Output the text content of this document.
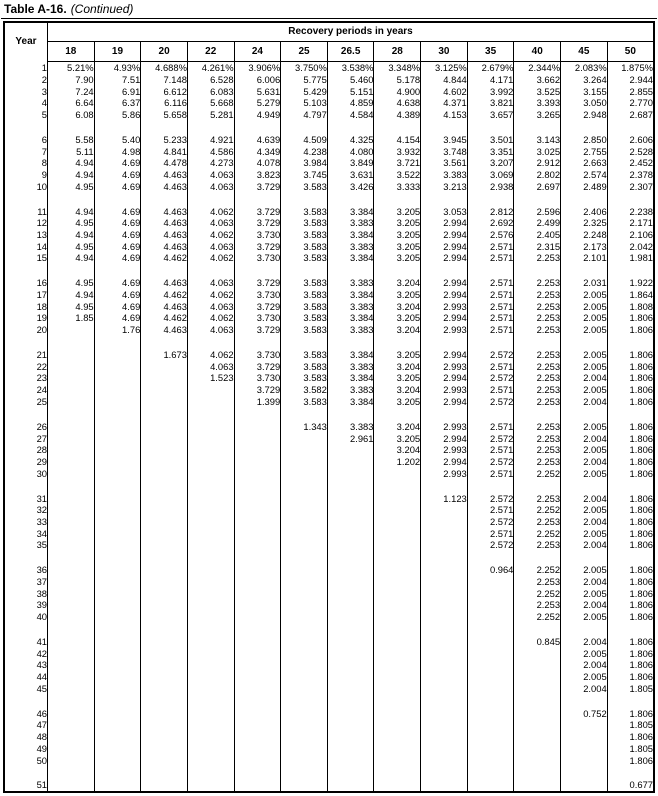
Table A-16. (Continued)
Year	Recovery periods in years												
	18	19	20	22	24	25	26.5	28	30	35	40	45	50
1	5.21%	4.93%	4.688%	4.261%	3.906%	3.750%	3.538%	3.348%	3.125%	2.679%	2.344%	2.083%	1.875%
2	7.90	7.51	7.148	6.528	6.006	5.775	5.460	5.178	4.844	4.171	3.662	3.264	2.944
3	7.24	6.91	6.612	6.083	5.631	5.429	5.151	4.900	4.602	3.992	3.525	3.155	2.855
4	6.64	6.37	6.116	5.668	5.279	5.103	4.859	4.638	4.371	3.821	3.393	3.050	2.770
5	6.08	5.86	5.658	5.281	4.949	4.797	4.584	4.389	4.153	3.657	3.265	2.948	2.687

6	5.58	5.40	5.233	4.921	4.639	4.509	4.325	4.154	3.945	3.501	3.143	2.850	2.606
7	5.11	4.98	4.841	4.586	4.349	4.238	4.080	3.932	3.748	3.351	3.025	2.755	2.528
8	4.94	4.69	4.478	4.273	4.078	3.984	3.849	3.721	3.561	3.207	2.912	2.663	2.452
9	4.94	4.69	4.463	4.063	3.823	3.745	3.631	3.522	3.383	3.069	2.802	2.574	2.378
10	4.95	4.69	4.463	4.063	3.729	3.583	3.426	3.333	3.213	2.938	2.697	2.489	2.307

11	4.94	4.69	4.463	4.062	3.729	3.583	3.384	3.205	3.053	2.812	2.596	2.406	2.238
12	4.95	4.69	4.463	4.063	3.729	3.583	3.383	3.205	2.994	2.692	2.499	2.325	2.171
13	4.94	4.69	4.463	4.062	3.730	3.583	3.384	3.205	2.994	2.576	2.405	2.248	2.106
14	4.95	4.69	4.463	4.063	3.729	3.583	3.383	3.205	2.994	2.571	2.315	2.173	2.042
15	4.94	4.69	4.462	4.062	3.730	3.583	3.384	3.205	2.994	2.571	2.253	2.101	1.981

16	4.95	4.69	4.463	4.063	3.729	3.583	3.383	3.204	2.994	2.571	2.253	2.031	1.922
17	4.94	4.69	4.462	4.062	3.730	3.583	3.384	3.205	2.994	2.571	2.253	2.005	1.864
18	4.95	4.69	4.463	4.063	3.729	3.583	3.383	3.204	2.993	2.571	2.253	2.005	1.808
19	1.85	4.69	4.462	4.062	3.730	3.583	3.384	3.205	2.994	2.571	2.253	2.005	1.806
20		1.76	4.463	4.063	3.729	3.583	3.383	3.204	2.993	2.571	2.253	2.005	1.806

21			1.673	4.062	3.730	3.583	3.384	3.205	2.994	2.572	2.253	2.005	1.806
22				4.063	3.729	3.583	3.383	3.204	2.993	2.571	2.253	2.005	1.806
23				1.523	3.730	3.583	3.384	3.205	2.994	2.572	2.253	2.004	1.806
24					3.729	3.582	3.383	3.204	2.993	2.571	2.253	2.005	1.806
25					1.399	3.583	3.384	3.205	2.994	2.572	2.253	2.004	1.806

26						1.343	3.383	3.204	2.993	2.571	2.253	2.005	1.806
27							2.961	3.205	2.994	2.572	2.253	2.004	1.806
28								3.204	2.993	2.571	2.253	2.005	1.806
29								1.202	2.994	2.572	2.253	2.004	1.806
30									2.993	2.571	2.252	2.005	1.806

31									1.123	2.572	2.253	2.004	1.806
32										2.571	2.252	2.005	1.806
33										2.572	2.253	2.004	1.806
34										2.571	2.252	2.005	1.806
35										2.572	2.253	2.004	1.806

36										0.964	2.252	2.005	1.806
37											2.253	2.004	1.806
38											2.252	2.005	1.806
39											2.253	2.004	1.806
40											2.252	2.005	1.806

41											0.845	2.004	1.806
42												2.005	1.806
43												2.004	1.806
44												2.005	1.806
45												2.004	1.805

46												0.752	1.806
47													1.805
48													1.806
49													1.805
50													1.806

51													0.677
